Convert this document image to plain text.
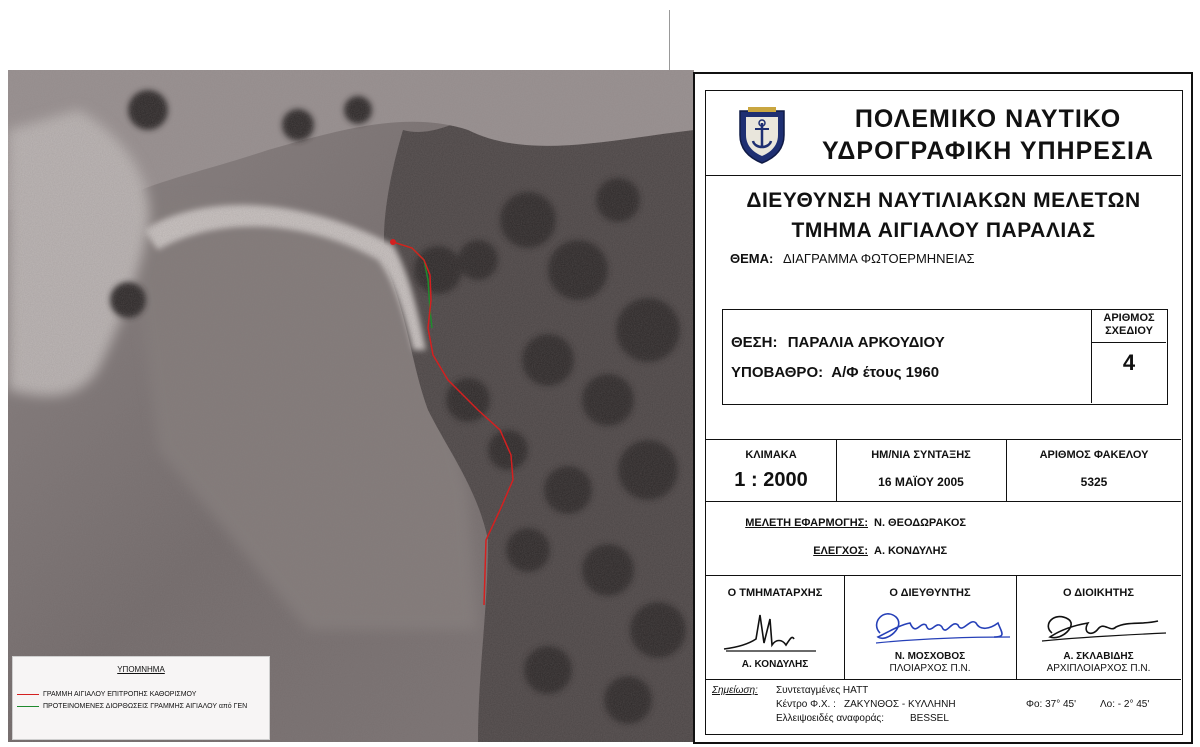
ΥΠΟΜΝΗΜΑ
ΓΡΑΜΜΗ ΑΙΓΙΑΛΟΥ ΕΠΙΤΡΟΠΗΣ ΚΑΘΟΡΙΣΜΟΥ
ΠΡΟΤΕΙΝΟΜΕΝΕΣ ΔΙΟΡΘΩΣΕΙΣ ΓΡΑΜΜΗΣ ΑΙΓΙΑΛΟΥ από ΓΕΝ
ΠΟΛΕΜΙΚΟ ΝΑΥΤΙΚΟ
ΥΔΡΟΓΡΑΦΙΚΗ ΥΠΗΡΕΣΙΑ
ΔΙΕΥΘΥΝΣΗ ΝΑΥΤΙΛΙΑΚΩΝ ΜΕΛΕΤΩΝ
ΤΜΗΜΑ ΑΙΓΙΑΛΟΥ ΠΑΡΑΛΙΑΣ
ΘΕΜΑ: ΔΙΑΓΡΑΜΜΑ ΦΩΤΟΕΡΜΗΝΕΙΑΣ
ΘΕΣΗ: ΠΑΡΑΛΙΑ ΑΡΚΟΥΔΙΟΥ
ΥΠΟΒΑΘΡΟ: Α/Φ έτους 1960
ΑΡΙΘΜΟΣ
ΣΧΕΔΙΟΥ
4
ΚΛΙΜΑΚΑ
1 : 2000
ΗΜ/ΝΙΑ ΣΥΝΤΑΞΗΣ
16 ΜΑΪΟΥ 2005
ΑΡΙΘΜΟΣ ΦΑΚΕΛΟΥ
5325
ΜΕΛΕΤΗ ΕΦΑΡΜΟΓΗΣ: Ν. ΘΕΟΔΩΡΑΚΟΣ
ΕΛΕΓΧΟΣ: Α. ΚΟΝΔΥΛΗΣ
Ο ΤΜΗΜΑΤΑΡΧΗΣ
Α. ΚΟΝΔΥΛΗΣ
Ο ΔΙΕΥΘΥΝΤΗΣ
Ν. ΜΟΣΧΟΒΟΣ
ΠΛΟΙΑΡΧΟΣ Π.Ν.
Ο ΔΙΟΙΚΗΤΗΣ
Α. ΣΚΛΑΒΙΔΗΣ
ΑΡΧΙΠΛΟΙΑΡΧΟΣ Π.Ν.
Σημείωση: Συντεταγμένες ΗΑΤΤ
Κέντρο Φ.Χ. : ΖΑΚΥΝΘΟΣ - ΚΥΛΛΗΝΗ	Φο: 37° 45' Λο: - 2° 45'
Ελλειψοειδές αναφοράς:	BESSEL
